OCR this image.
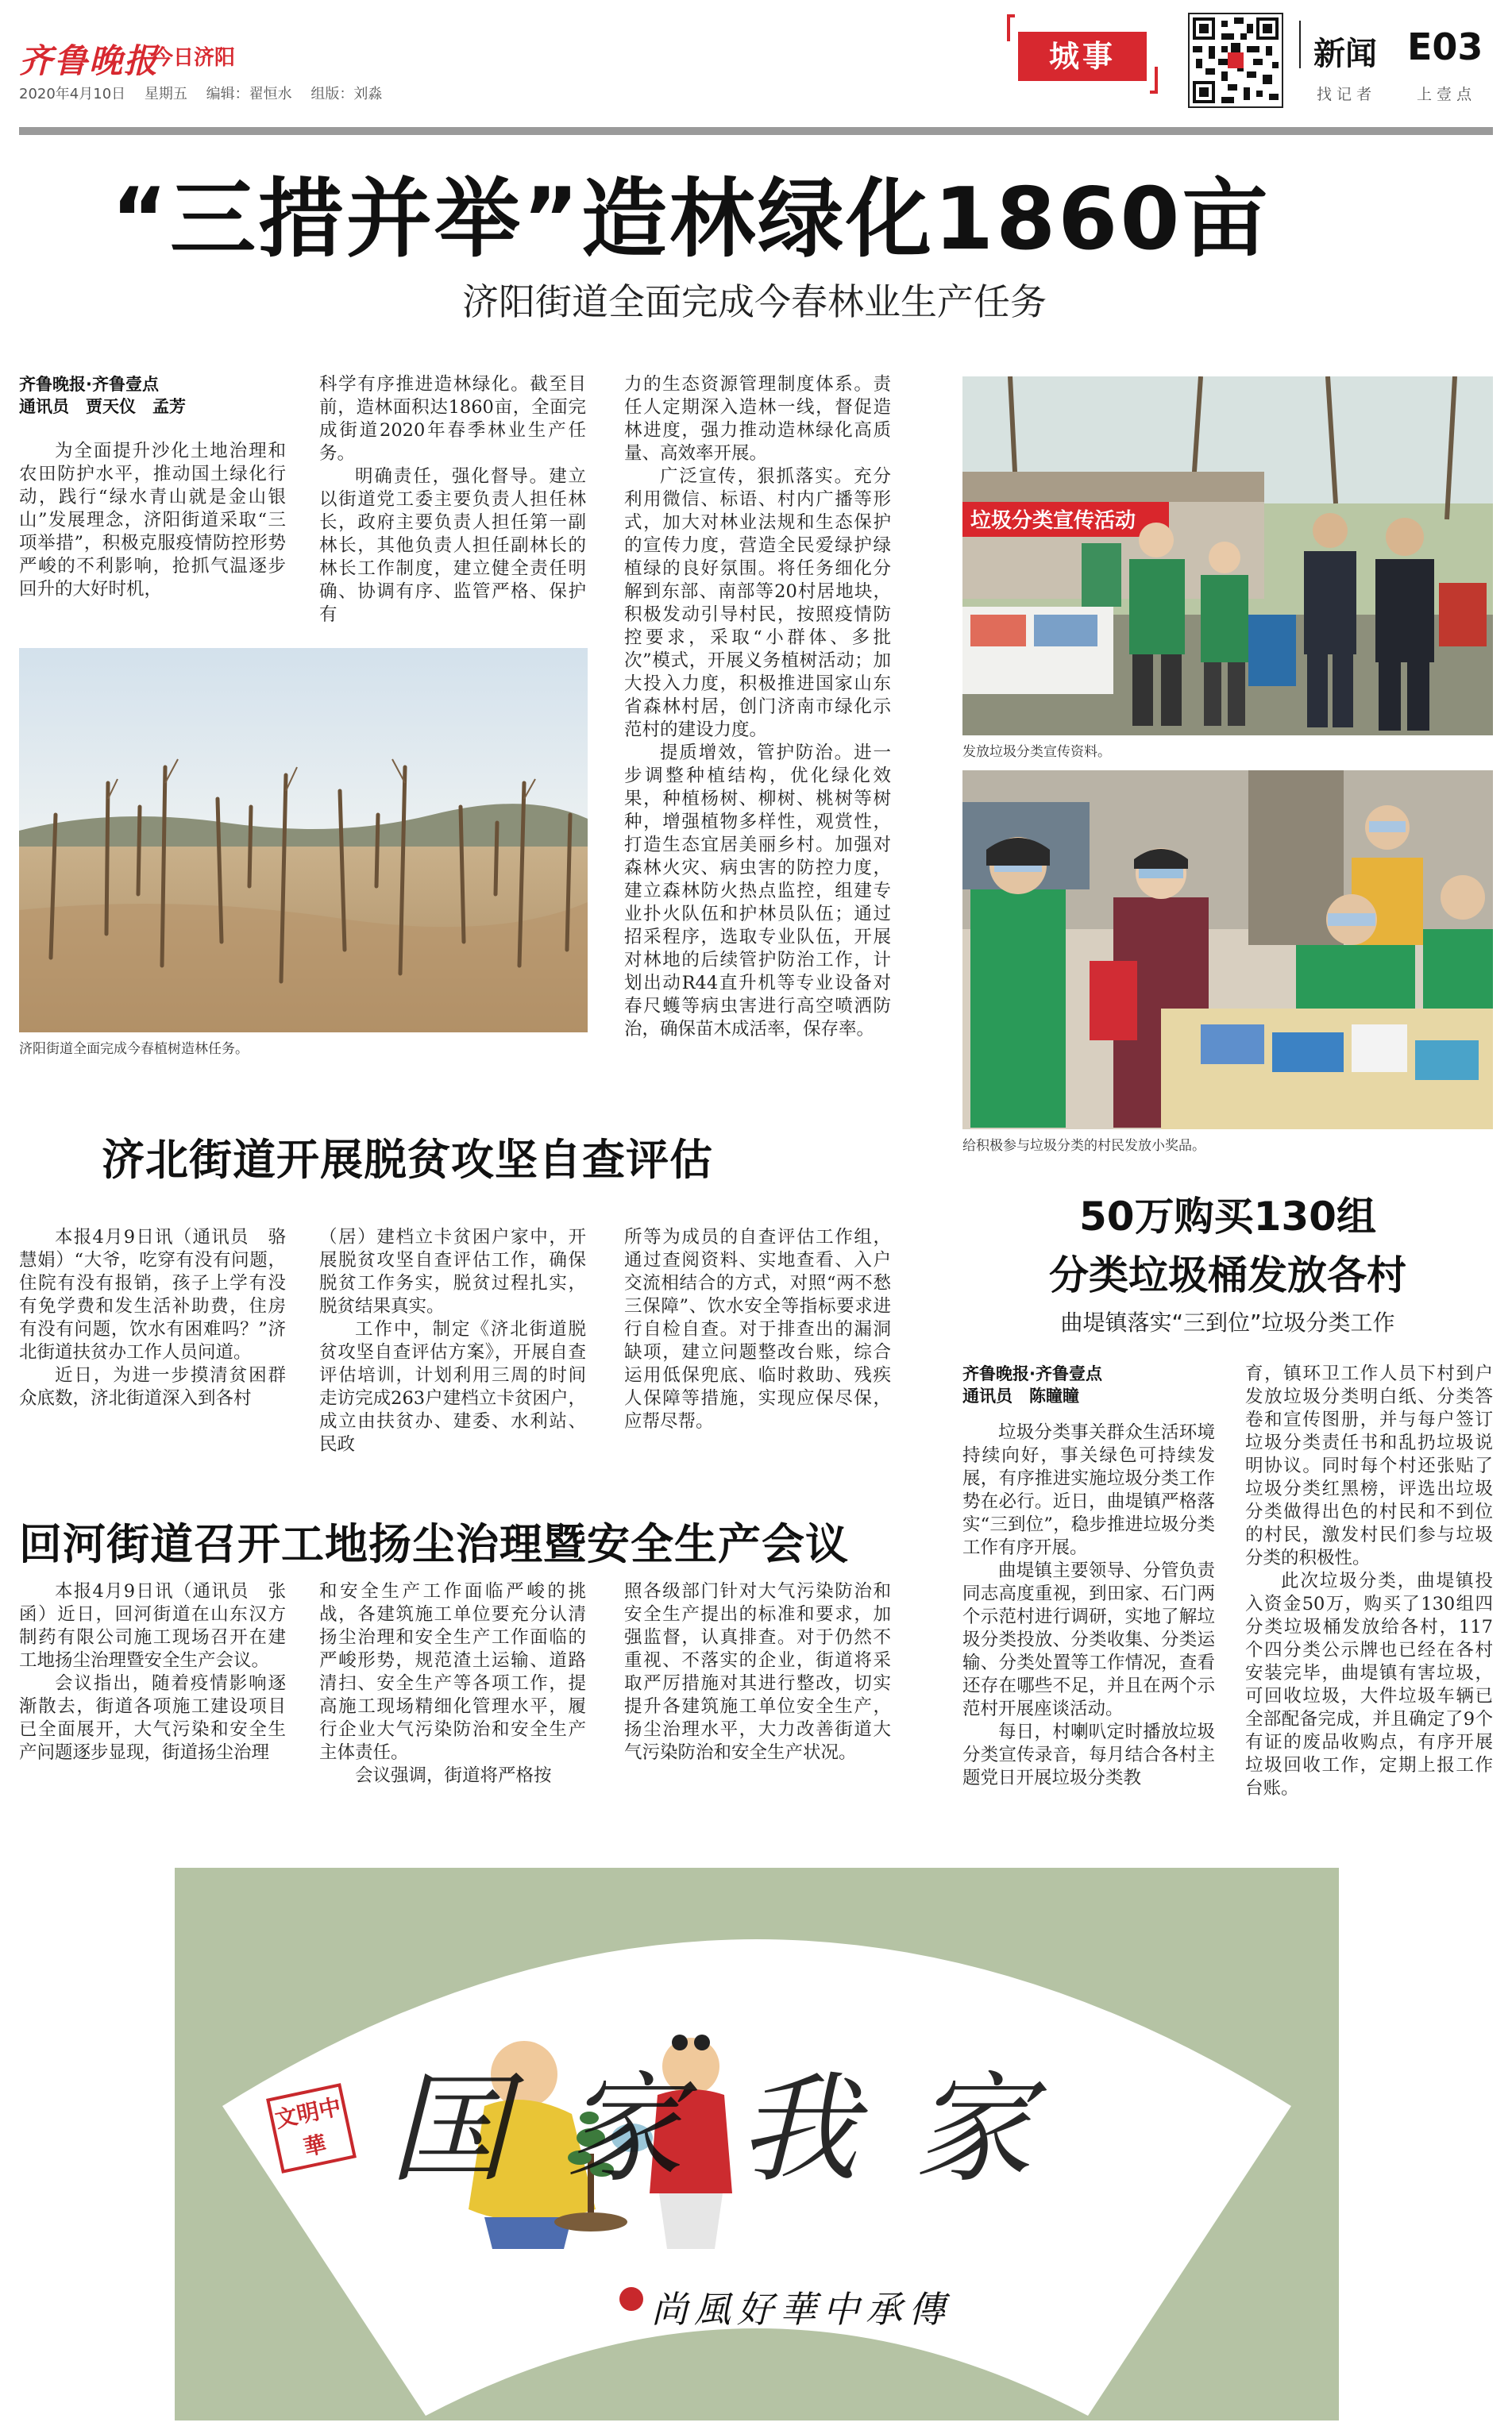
齐鲁晚报
今日济阳
2020年4月10日 星期五 编辑：翟恒水 组版：刘淼
城事	新闻 E03
找 记 者	上 壹 点
“三措并举”造林绿化1860亩
济阳街道全面完成今春林业生产任务
齐鲁晚报·齐鲁壹点
通讯员　贾天仪　孟芳
为全面提升沙化土地治理和农田防护水平，推动国土绿化行动，践行“绿水青山就是金山银山”发展理念，济阳街道采取“三项举措”，积极克服疫情防控形势严峻的不利影响，抢抓气温逐步回升的大好时机，
科学有序推进造林绿化。截至目前，造林面积达1860亩，全面完成街道2020年春季林业生产任务。
明确责任，强化督导。建立以街道党工委主要负责人担任林长，政府主要负责人担任第一副林长，其他负责人担任副林长的林长工作制度，建立健全责任明确、协调有序、监管严格、保护有
力的生态资源管理制度体系。责任人定期深入造林一线，督促造林进度，强力推动造林绿化高质量、高效率开展。
广泛宣传，狠抓落实。充分利用微信、标语、村内广播等形式，加大对林业法规和生态保护的宣传力度，营造全民爱绿护绿植绿的良好氛围。将任务细化分解到东部、南部等20村居地块，积极发动引导村民，按照疫情防控要求，采取“小群体、多批次”模式，开展义务植树活动；加大投入力度，积极推进国家山东省森林村居，创门济南市绿化示范村的建设力度。
提质增效，管护防治。进一步调整种植结构，优化绿化效果，种植杨树、柳树、桃树等树种，增强植物多样性，观赏性，打造生态宜居美丽乡村。加强对森林火灾、病虫害的防控力度，建立森林防火热点监控，组建专业扑火队伍和护林员队伍；通过招采程序，选取专业队伍，开展对林地的后续管护防治工作，计划出动R44直升机等专业设备对春尺蠖等病虫害进行高空喷洒防治，确保苗木成活率，保存率。
济阳街道全面完成今春植树造林任务。
垃圾分类宣传活动
发放垃圾分类宣传资料。
给积极参与垃圾分类的村民发放小奖品。
济北街道开展脱贫攻坚自查评估
本报4月9日讯（通讯员　骆慧娟）“大爷，吃穿有没有问题，住院有没有报销，孩子上学有没有免学费和发生活补助费，住房有没有问题，饮水有困难吗？”济北街道扶贫办工作人员问道。
近日，为进一步摸清贫困群众底数，济北街道深入到各村
（居）建档立卡贫困户家中，开展脱贫攻坚自查评估工作，确保脱贫工作务实，脱贫过程扎实，脱贫结果真实。
工作中，制定《济北街道脱贫攻坚自查评估方案》，开展自查评估培训，计划利用三周的时间走访完成263户建档立卡贫困户，成立由扶贫办、建委、水利站、民政
所等为成员的自查评估工作组，通过查阅资料、实地查看、入户交流相结合的方式，对照“两不愁三保障”、饮水安全等指标要求进行自检自查。对于排查出的漏洞缺项，建立问题整改台账，综合运用低保兜底、临时救助、残疾人保障等措施，实现应保尽保，应帮尽帮。
50万购买130组
分类垃圾桶发放各村
曲堤镇落实“三到位”垃圾分类工作
齐鲁晚报·齐鲁壹点
通讯员　陈瞳瞳
垃圾分类事关群众生活环境持续向好，事关绿色可持续发展，有序推进实施垃圾分类工作势在必行。近日，曲堤镇严格落实“三到位”，稳步推进垃圾分类工作有序开展。
曲堤镇主要领导、分管负责同志高度重视，到田家、石门两个示范村进行调研，实地了解垃圾分类投放、分类收集、分类运输、分类处置等工作情况，查看还存在哪些不足，并且在两个示范村开展座谈活动。
每日，村喇叭定时播放垃圾分类宣传录音，每月结合各村主题党日开展垃圾分类教
育，镇环卫工作人员下村到户发放垃圾分类明白纸、分类答卷和宣传图册，并与每户签订垃圾分类责任书和乱扔垃圾说明协议。同时每个村还张贴了垃圾分类红黑榜，评选出垃圾分类做得出色的村民和不到位的村民，激发村民们参与垃圾分类的积极性。
此次垃圾分类，曲堤镇投入资金50万，购买了130组四分类垃圾桶发放给各村，117个四分类公示牌也已经在各村安装完毕，曲堤镇有害垃圾，可回收垃圾，大件垃圾车辆已全部配备完成，并且确定了9个有证的废品收购点，有序开展垃圾回收工作，定期上报工作台账。
回河街道召开工地扬尘治理暨安全生产会议
本报4月9日讯（通讯员　张函）近日，回河街道在山东汉方制药有限公司施工现场召开在建工地扬尘治理暨安全生产会议。
会议指出，随着疫情影响逐渐散去，街道各项施工建设项目已全面展开，大气污染和安全生产问题逐步显现，街道扬尘治理
和安全生产工作面临严峻的挑战，各建筑施工单位要充分认清扬尘治理和安全生产工作面临的严峻形势，规范渣土运输、道路清扫、安全生产等各项工作，提高施工现场精细化管理水平，履行企业大气污染防治和安全生产主体责任。
会议强调，街道将严格按
照各级部门针对大气污染防治和安全生产提出的标准和要求，加强监督，认真排查。对于仍然不重视、不落实的企业，街道将采取严厉措施对其进行整改，切实提升各建筑施工单位安全生产，扬尘治理水平，大力改善街道大气污染防治和安全生产状况。
文明中華 国家我家
尚風好華中承傳
